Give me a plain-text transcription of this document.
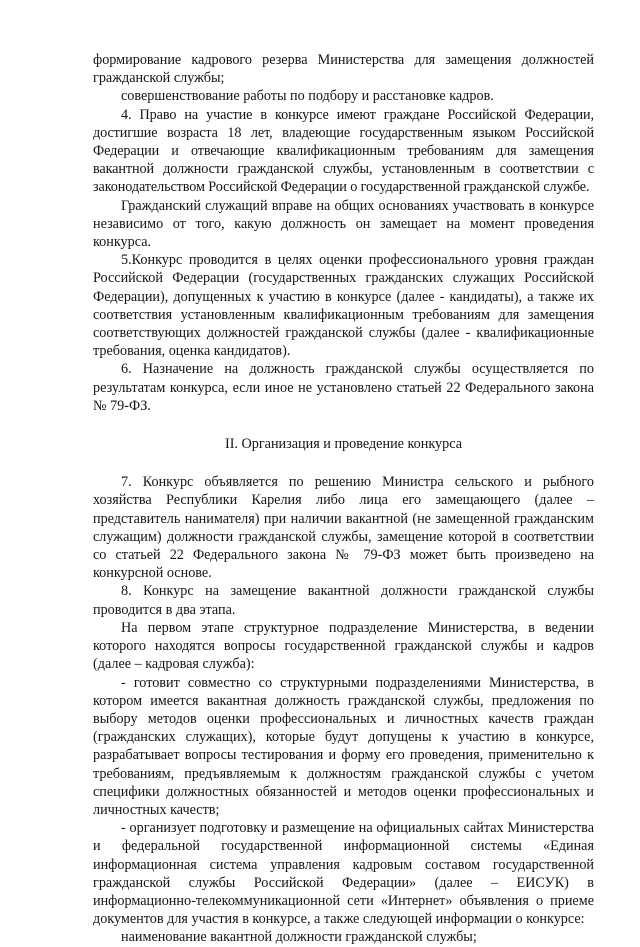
формирование кадрового резерва Министерства для замещения должностей гражданской службы;

совершенствование работы по подбору и расстановке кадров.

4. Право на участие в конкурсе имеют граждане Российской Федерации, достигшие возраста 18 лет, владеющие государственным языком Российской Федерации и отвечающие квалификационным требованиям для замещения вакантной должности гражданской службы, установленным в соответствии с законодательством Российской Федерации о государственной гражданской службе.

Гражданский служащий вправе на общих основаниях участвовать в конкурсе независимо от того, какую должность он замещает на момент проведения конкурса.

5.Конкурс проводится в целях оценки профессионального уровня граждан Российской Федерации (государственных гражданских служащих Российской Федерации), допущенных к участию в конкурсе (далее - кандидаты), а также их соответствия установленным квалификационным требованиям для замещения соответствующих должностей гражданской службы (далее - квалификационные требования, оценка кандидатов).

6. Назначение на должность гражданской службы осуществляется по результатам конкурса, если иное не установлено статьей 22 Федерального закона № 79-ФЗ.

II. Организация и проведение конкурса

7. Конкурс объявляется по решению Министра сельского и рыбного хозяйства Республики Карелия либо лица его замещающего (далее – представитель нанимателя) при наличии вакантной (не замещенной гражданским служащим) должности гражданской службы, замещение которой в соответствии со статьей 22 Федерального закона № 79-ФЗ может быть произведено на конкурсной основе.

8. Конкурс на замещение вакантной должности гражданской службы проводится в два этапа.

На первом этапе структурное подразделение Министерства, в ведении которого находятся вопросы государственной гражданской службы и кадров (далее – кадровая служба):

- готовит совместно со структурными подразделениями Министерства, в котором имеется вакантная должность гражданской службы, предложения по выбору методов оценки профессиональных и личностных качеств граждан (гражданских служащих), которые будут допущены к участию в конкурсе, разрабатывает вопросы тестирования и форму его проведения, применительно к требованиям, предъявляемым к должностям гражданской службы с учетом специфики должностных обязанностей и методов оценки профессиональных и личностных качеств;

- организует подготовку и размещение на официальных сайтах Министерства и федеральной государственной информационной системы «Единая информационная система управления кадровым составом государственной гражданской службы Российской Федерации» (далее – ЕИСУК) в информационно-телекоммуникационной сети «Интернет» объявления о приеме документов для участия в конкурсе, а также следующей информации о конкурсе:

наименование вакантной должности гражданской службы;
